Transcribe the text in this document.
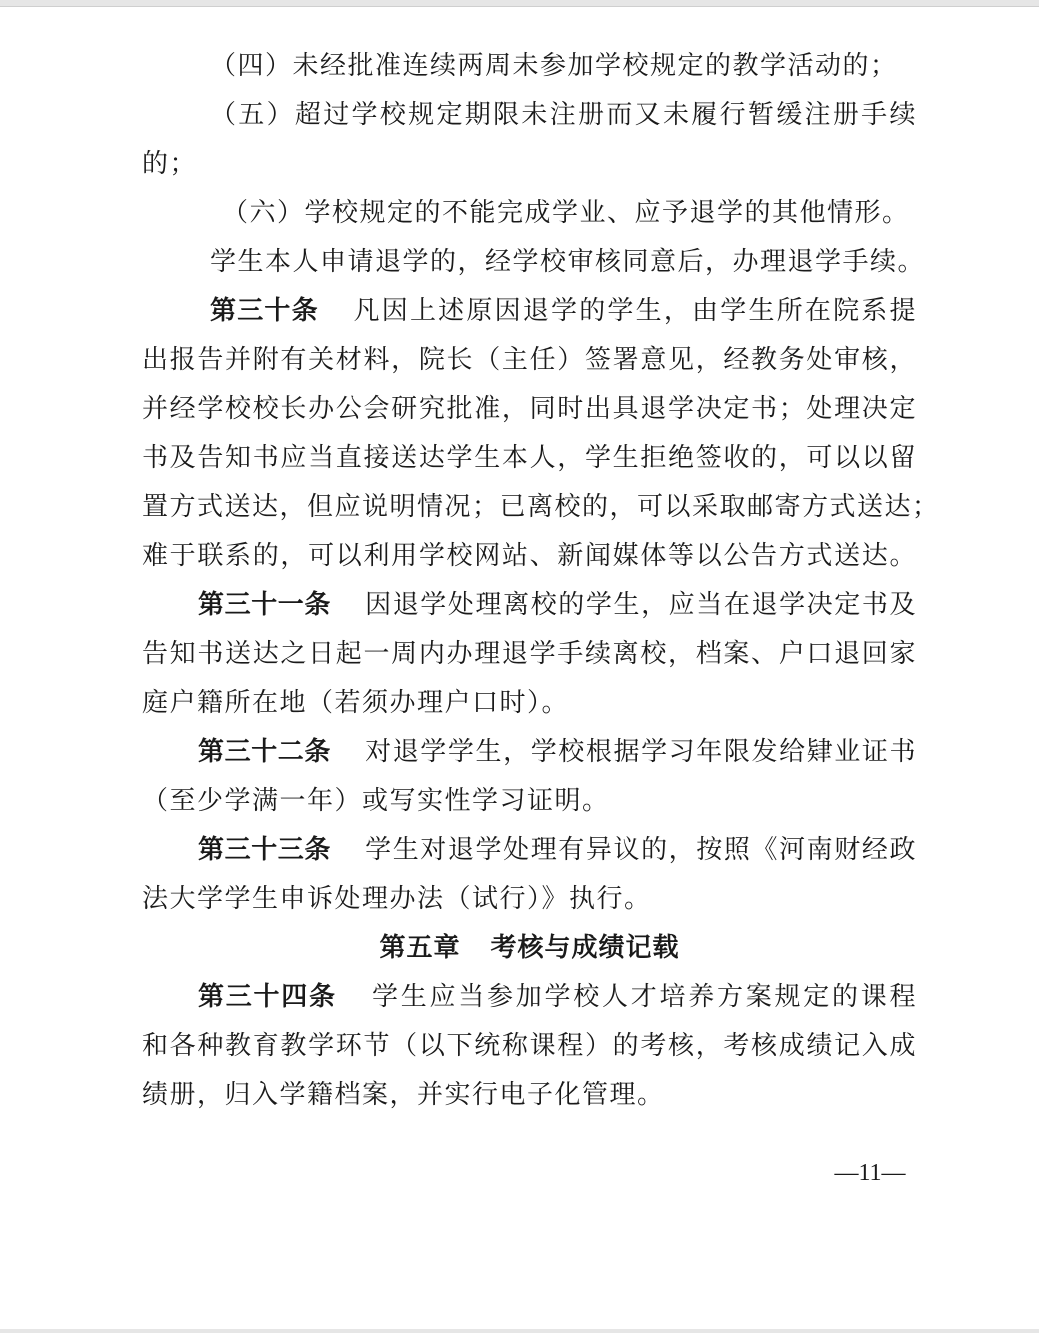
（四）未经批准连续两周未参加学校规定的教学活动的；
（五）超过学校规定期限未注册而又未履行暂缓注册手续
的；
（六）学校规定的不能完成学业、应予退学的其他情形。
学生本人申请退学的，经学校审核同意后，办理退学手续。
第三十条 凡因上述原因退学的学生，由学生所在院系提
出报告并附有关材料，院长（主任）签署意见，经教务处审核，
并经学校校长办公会研究批准，同时出具退学决定书；处理决定
书及告知书应当直接送达学生本人，学生拒绝签收的，可以以留
置方式送达，但应说明情况；已离校的，可以采取邮寄方式送达；
难于联系的，可以利用学校网站、新闻媒体等以公告方式送达。
第三十一条 因退学处理离校的学生，应当在退学决定书及
告知书送达之日起一周内办理退学手续离校，档案、户口退回家
庭户籍所在地（若须办理户口时）。
第三十二条 对退学学生，学校根据学习年限发给肄业证书
（至少学满一年）或写实性学习证明。
第三十三条 学生对退学处理有异议的，按照《河南财经政
法大学学生申诉处理办法（试行）》执行。
第五章 考核与成绩记载
第三十四条 学生应当参加学校人才培养方案规定的课程
和各种教育教学环节（以下统称课程）的考核，考核成绩记入成
绩册，归入学籍档案，并实行电子化管理。
—11—
